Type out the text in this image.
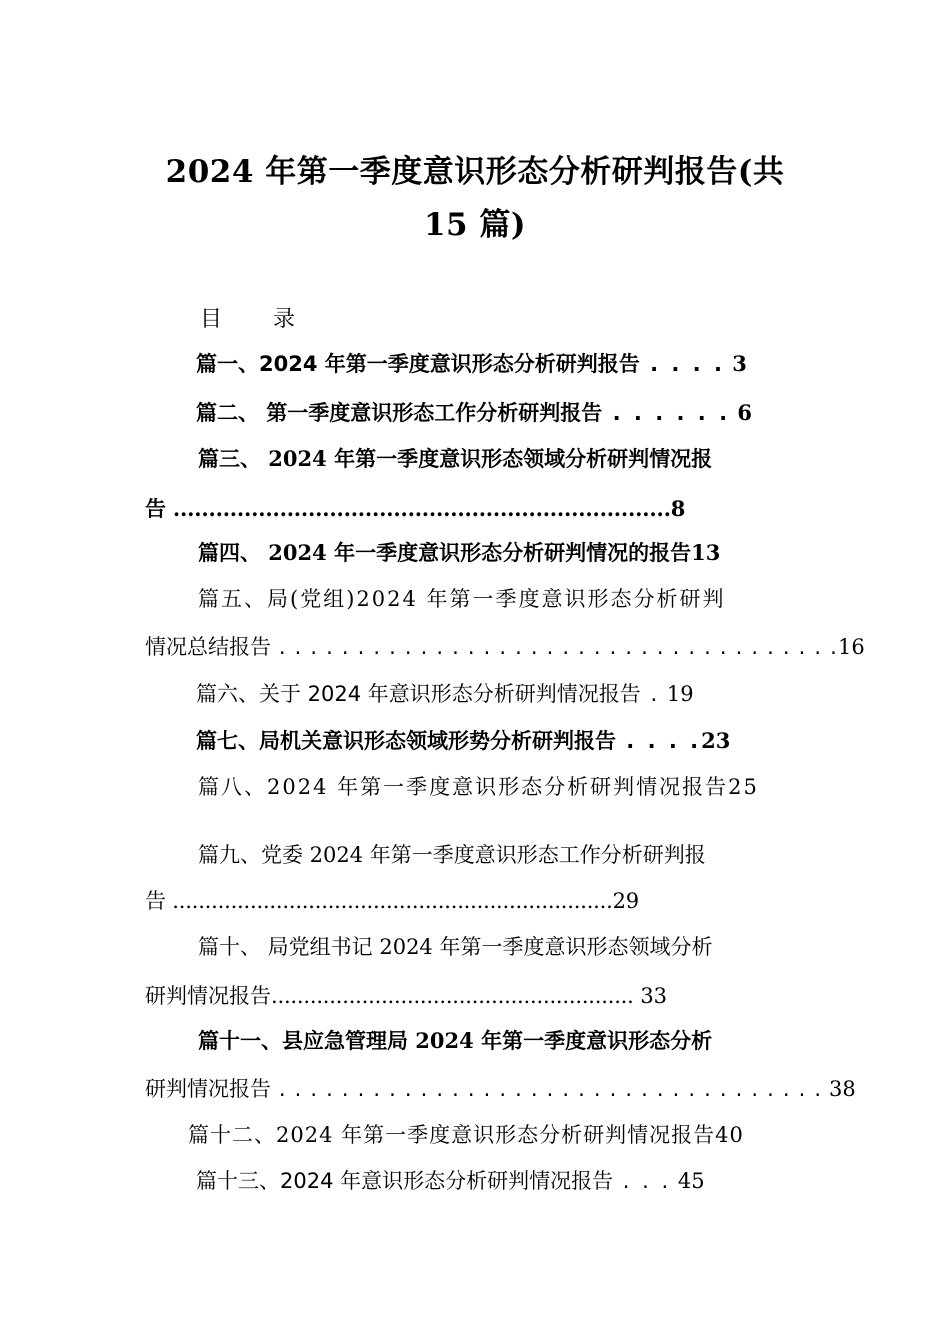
2024 年第一季度意识形态分析研判报告(共
15 篇)
目 录
篇一、2024 年第一季度意识形态分析研判报告 . . . . 3
篇二、 第一季度意识形态工作分析研判报告 . . . . . . 6
篇三、 2024 年第一季度意识形态领域分析研判情况报
告 ......................................................................8
篇四、 2024 年一季度意识形态分析研判情况的报告13
篇五、局(党组)2024 年第一季度意识形态分析研判
情况总结报告 . . . . . . . . . . . . . . . . . . . . . . . . . . . . . . . . . . . .16
篇六、关于 2024 年意识形态分析研判情况报告 . 19
篇七、局机关意识形态领域形势分析研判报告 . . . .23
篇八、2024 年第一季度意识形态分析研判情况报告25
篇九、党委 2024 年第一季度意识形态工作分析研判报
告 ....................................................................29
篇十、 局党组书记 2024 年第一季度意识形态领域分析
研判情况报告........................................................ 33
篇十一、县应急管理局 2024 年第一季度意识形态分析
研判情况报告 . . . . . . . . . . . . . . . . . . . . . . . . . . . . . . . . . . . 38
篇十二、2024 年第一季度意识形态分析研判情况报告40
篇十三、2024 年意识形态分析研判情况报告 . . . 45
